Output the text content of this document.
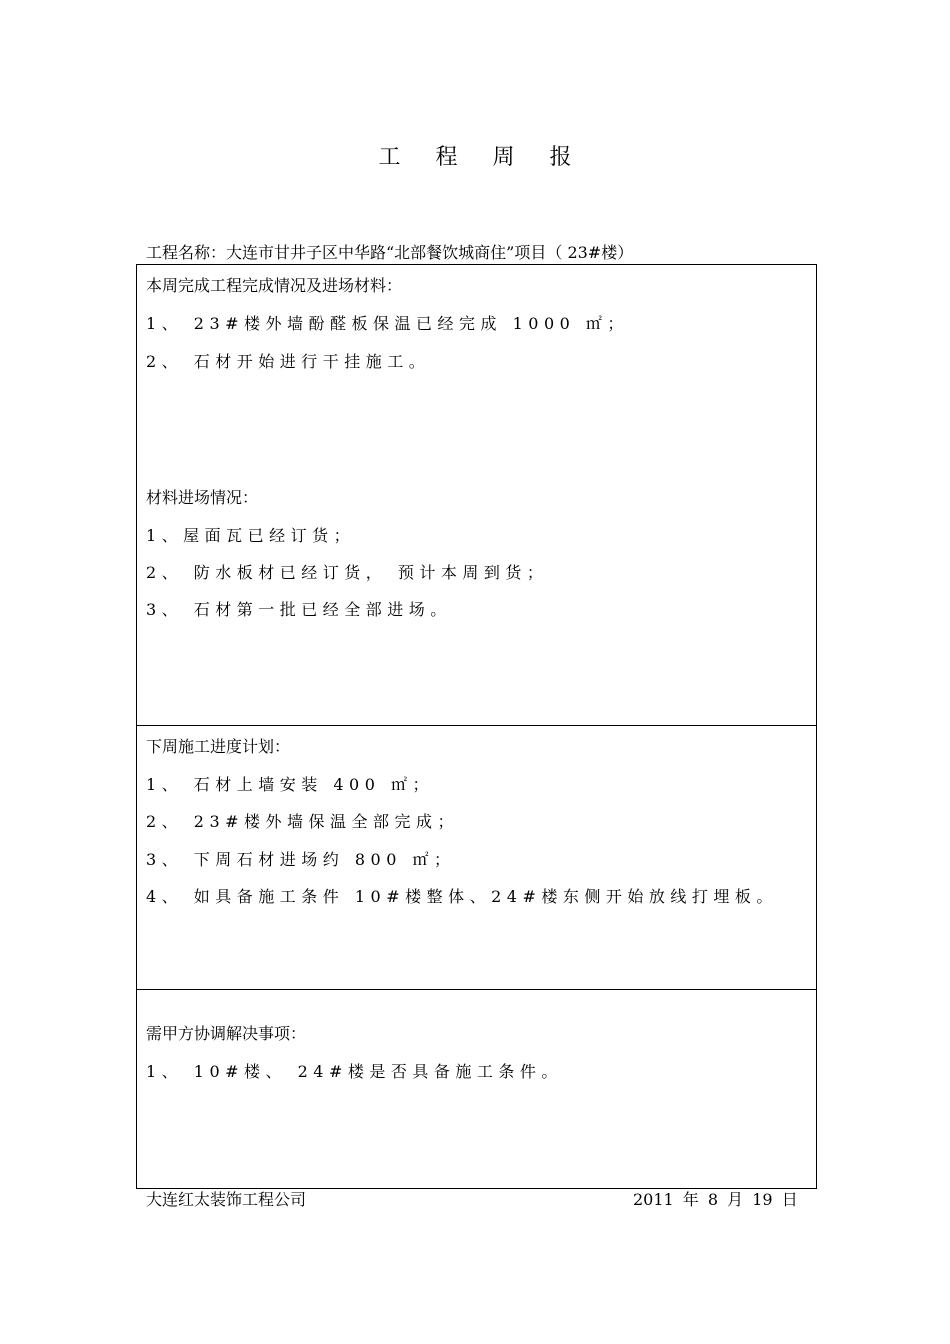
工 程 周 报
工程名称：大连市甘井子区中华路“北部餐饮城商住”项目（ 23#楼）
本周完成工程完成情况及进场材料：
1、 23#楼外墙酚醛板保温已经完成 1000 ㎡；
2、 石材开始进行干挂施工。
材料进场情况：
1、屋面瓦已经订货；
2、 防水板材已经订货， 预计本周到货；
3、 石材第一批已经全部进场。
下周施工进度计划：
1、 石材上墙安装 400 ㎡；
2、 23#楼外墙保温全部完成；
3、 下周石材进场约 800 ㎡；
4、 如具备施工条件 10#楼整体、24#楼东侧开始放线打埋板。
需甲方协调解决事项：
1、 10#楼、 24#楼是否具备施工条件。
大连红太装饰工程公司	2011 年 8 月 19 日
